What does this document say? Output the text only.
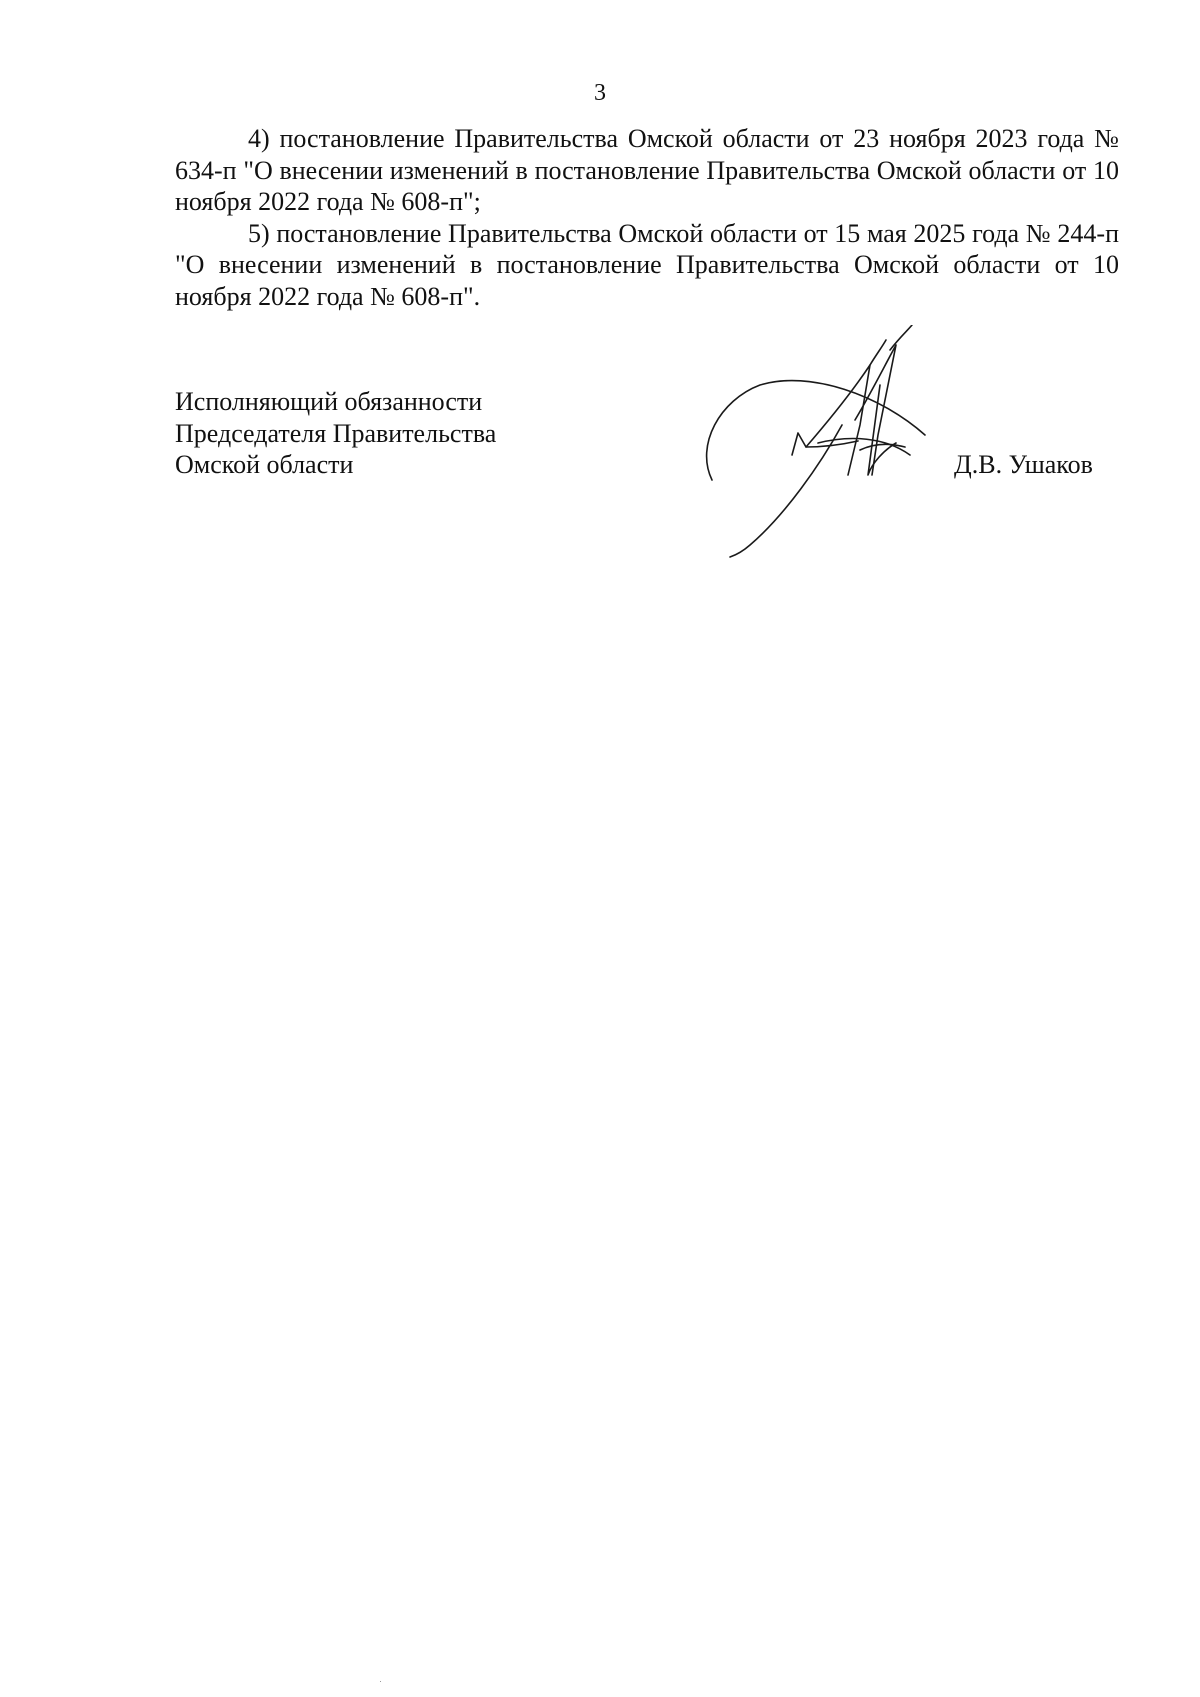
3

4) постановление Правительства Омской области от 23 ноября 2023 года № 634-п "О внесении изменений в постановление Правительства Омской области от 10 ноября 2022 года № 608-п";

5) постановление Правительства Омской области от 15 мая 2025 года № 244-п "О внесении изменений в постановление Правительства Омской области от 10 ноября 2022 года № 608-п".

Исполняющий обязанности
Председателя Правительства
Омской области	Д.В. Ушаков
